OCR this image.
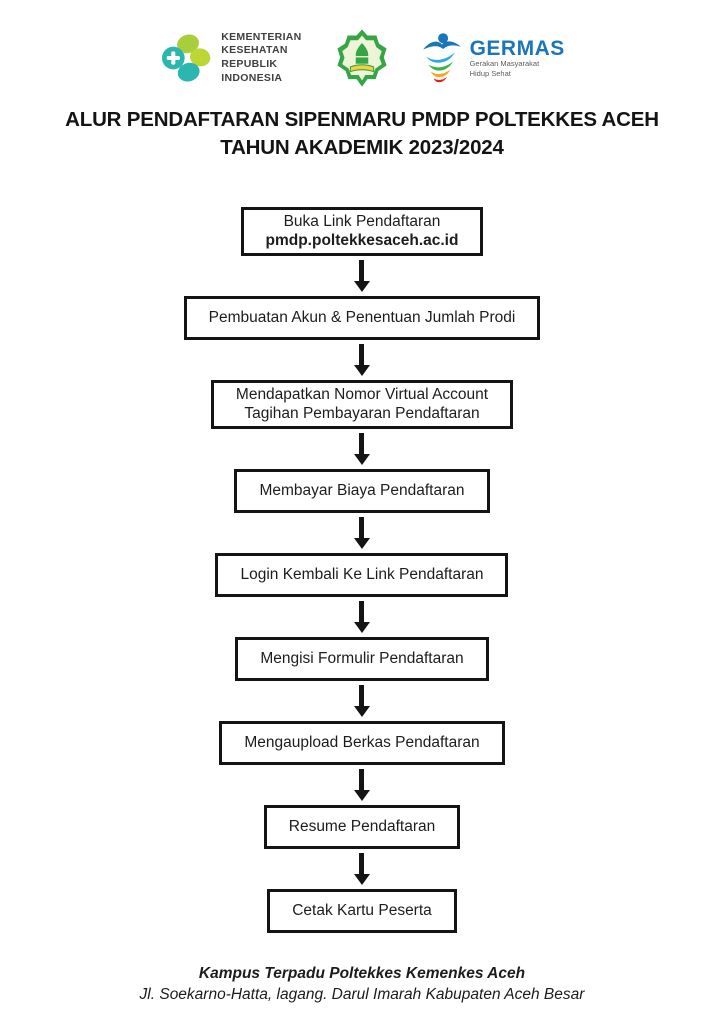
KEMENTERIAN
KESEHATAN
REPUBLIK
INDONESIA
GERMAS
Gerakan Masyarakat
Hidup Sehat
ALUR PENDAFTARAN SIPENMARU PMDP POLTEKKES ACEH
TAHUN AKADEMIK 2023/2024
Buka Link Pendaftaran
pmdp.poltekkesaceh.ac.id
Pembuatan Akun & Penentuan Jumlah Prodi
Mendapatkan Nomor Virtual Account
Tagihan Pembayaran Pendaftaran
Membayar Biaya Pendaftaran
Login Kembali Ke Link Pendaftaran
Mengisi Formulir Pendaftaran
Mengaupload Berkas Pendaftaran
Resume Pendaftaran
Cetak Kartu Peserta
Kampus Terpadu Poltekkes Kemenkes Aceh
Jl. Soekarno-Hatta, lagang. Darul Imarah Kabupaten Aceh Besar
